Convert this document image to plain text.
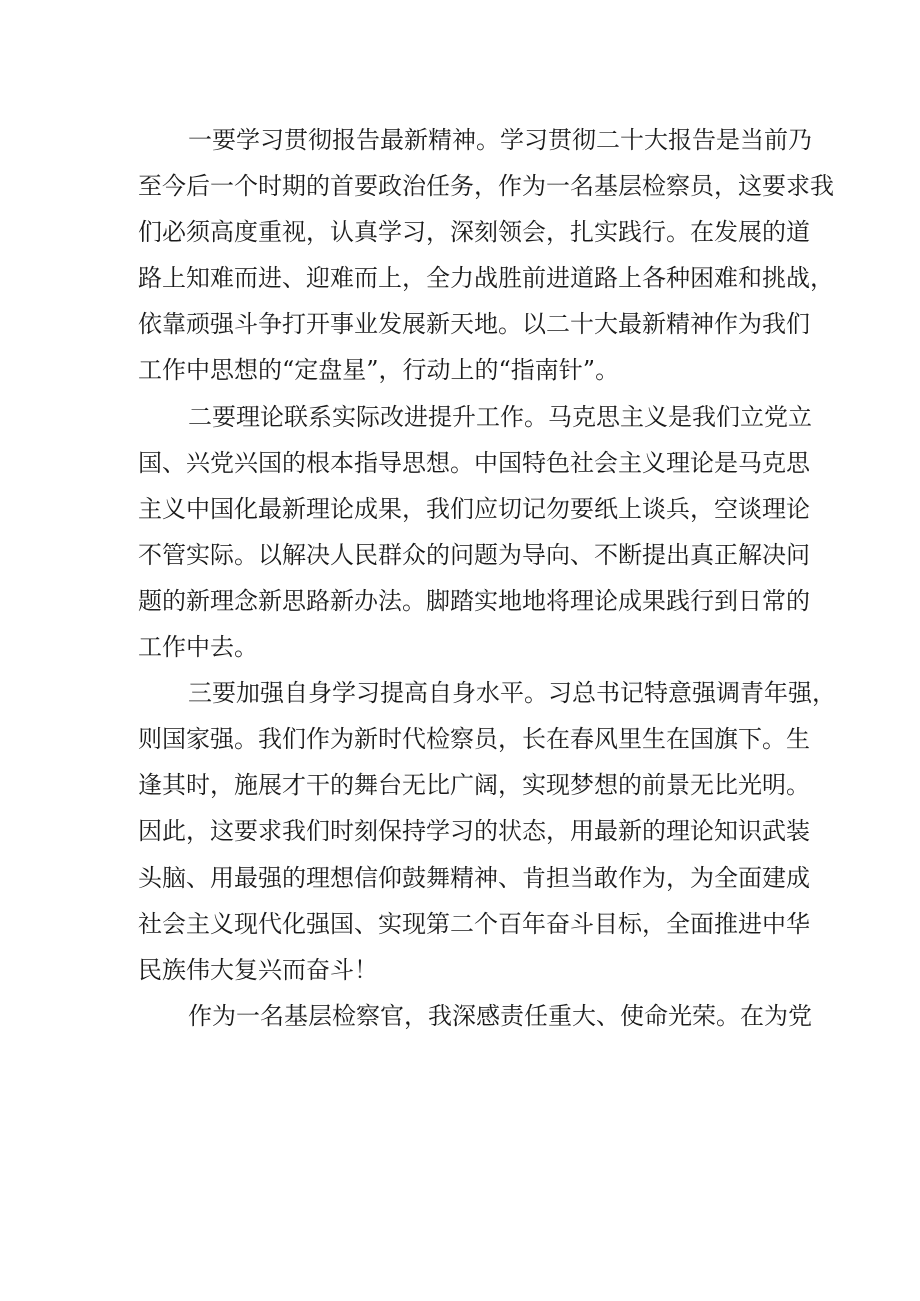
一要学习贯彻报告最新精神。学习贯彻二十大报告是当前乃
至今后一个时期的首要政治任务，作为一名基层检察员，这要求我
们必须高度重视，认真学习，深刻领会，扎实践行。在发展的道
路上知难而进、迎难而上，全力战胜前进道路上各种困难和挑战，
依靠顽强斗争打开事业发展新天地。以二十大最新精神作为我们
工作中思想的“定盘星”，行动上的“指南针”。
二要理论联系实际改进提升工作。马克思主义是我们立党立
国、兴党兴国的根本指导思想。中国特色社会主义理论是马克思
主义中国化最新理论成果，我们应切记勿要纸上谈兵，空谈理论
不管实际。以解决人民群众的问题为导向、不断提出真正解决问
题的新理念新思路新办法。脚踏实地地将理论成果践行到日常的
工作中去。
三要加强自身学习提高自身水平。习总书记特意强调青年强，
则国家强。我们作为新时代检察员，长在春风里生在国旗下。生
逢其时，施展才干的舞台无比广阔，实现梦想的前景无比光明。
因此，这要求我们时刻保持学习的状态，用最新的理论知识武装
头脑、用最强的理想信仰鼓舞精神、肯担当敢作为，为全面建成
社会主义现代化强国、实现第二个百年奋斗目标，全面推进中华
民族伟大复兴而奋斗！
作为一名基层检察官，我深感责任重大、使命光荣。在为党
